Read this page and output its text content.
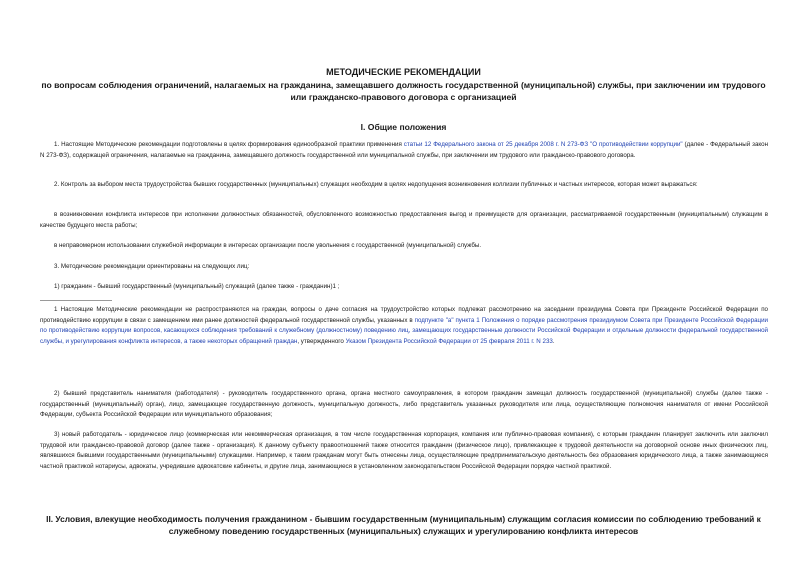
МЕТОДИЧЕСКИЕ РЕКОМЕНДАЦИИ
по вопросам соблюдения ограничений, налагаемых на гражданина, замещавшего должность государственной (муниципальной) службы, при заключении им трудового или гражданско-правового договора с организацией
I. Общие положения
1. Настоящие Методические рекомендации подготовлены в целях формирования единообразной практики применения статьи 12 Федерального закона от 25 декабря 2008 г. N 273-ФЗ "О противодействии коррупции" (далее - Федеральный закон N 273-ФЗ), содержащей ограничения, налагаемые на гражданина, замещавшего должность государственной или муниципальной службы, при заключении им трудового или гражданско-правового договора.
2. Контроль за выбором места трудоустройства бывших государственных (муниципальных) служащих необходим в целях недопущения возникновения коллизии публичных и частных интересов, которая может выражаться:
в возникновении конфликта интересов при исполнении должностных обязанностей, обусловленного возможностью предоставления выгод и преимуществ для организации, рассматриваемой государственным (муниципальным) служащим в качестве будущего места работы;
в неправомерном использовании служебной информации в интересах организации после увольнения с государственной (муниципальной) службы.
3. Методические рекомендации ориентированы на следующих лиц:
1) гражданин - бывший государственный (муниципальный) служащий (далее также - гражданин)1 ;
1 Настоящие Методические рекомендации не распространяются на граждан, вопросы о даче согласия на трудоустройство которых подлежат рассмотрению на заседании президиума Совета при Президенте Российской Федерации по противодействию коррупции в связи с замещением ими ранее должностей федеральной государственной службы, указанных в подпункте "а" пункта 1 Положения о порядке рассмотрения президиумом Совета при Президенте Российской Федерации по противодействию коррупции вопросов, касающихся соблюдения требований к служебному (должностному) поведению лиц, замещающих государственные должности Российской Федерации и отдельные должности федеральной государственной службы, и урегулирования конфликта интересов, а также некоторых обращений граждан, утвержденного Указом Президента Российской Федерации от 25 февраля 2011 г. N 233.
2) бывший представитель нанимателя (работодателя) - руководитель государственного органа, органа местного самоуправления, в котором гражданин замещал должность государственной (муниципальной) службы (далее также - государственный (муниципальный) орган), лицо, замещающее государственную должность, муниципальную должность, либо представитель указанных руководителя или лица, осуществляющие полномочия нанимателя от имени Российской Федерации, субъекта Российской Федерации или муниципального образования;
3) новый работодатель - юридическое лицо (коммерческая или некоммерческая организация, в том числе государственная корпорация, компания или публично-правовая компания), с которым гражданин планирует заключить или заключил трудовой или гражданско-правовой договор (далее также - организация). К данному субъекту правоотношений также относится гражданин (физическое лицо), привлекающее к трудовой деятельности на договорной основе иных физических лиц, являвшихся бывшими государственными (муниципальными) служащими. Например, к таким гражданам могут быть отнесены лица, осуществляющие предпринимательскую деятельность без образования юридического лица, а также занимающиеся частной практикой нотариусы, адвокаты, учредившие адвокатские кабинеты, и другие лица, занимающиеся в установленном законодательством Российской Федерации порядке частной практикой.
II. Условия, влекущие необходимость получения гражданином - бывшим государственным (муниципальным) служащим согласия комиссии по соблюдению требований к служебному поведению государственных (муниципальных) служащих и урегулированию конфликта интересов
